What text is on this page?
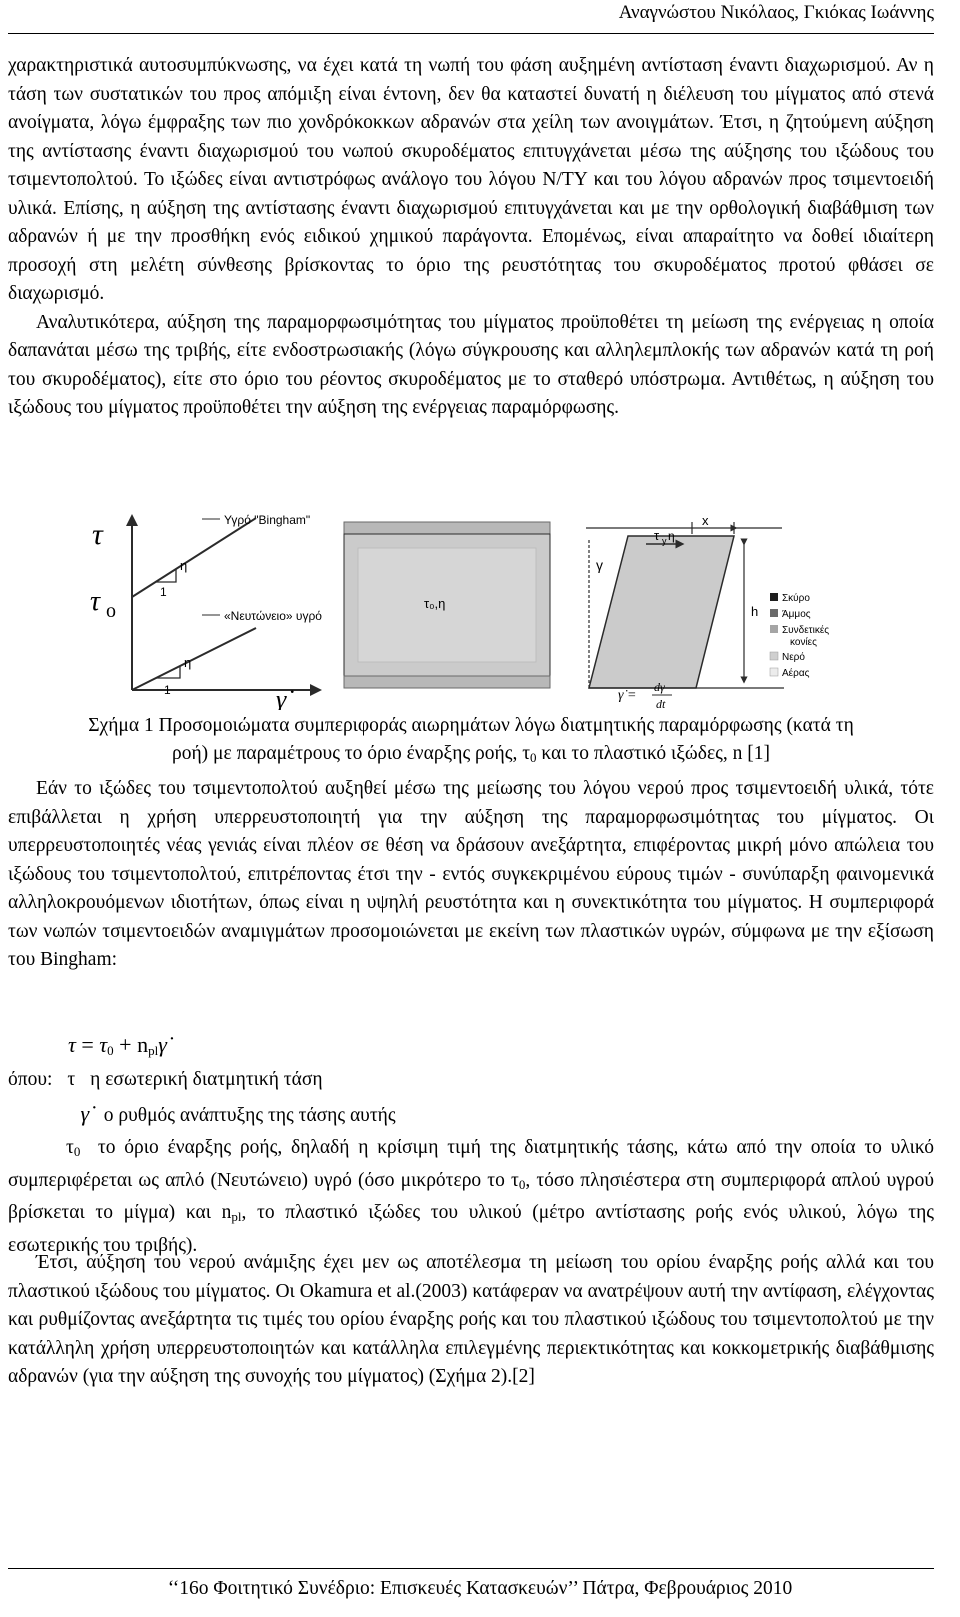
Αναγνώστου Νικόλαος, Γκιόκας Ιωάννης

χαρακτηριστικά αυτοσυμπύκνωσης, να έχει κατά τη νωπή του φάση αυξημένη αντίσταση έναντι διαχωρισμού. Αν η τάση των συστατικών του προς απόμιξη είναι έντονη, δεν θα καταστεί δυνατή η διέλευση του μίγματος από στενά ανοίγματα, λόγω έμφραξης των πιο χονδρόκοκκων αδρανών στα χείλη των ανοιγμάτων. Έτσι, η ζητούμενη αύξηση της αντίστασης έναντι διαχωρισμού του νωπού σκυροδέματος επιτυγχάνεται μέσω της αύξησης του ιξώδους του τσιμεντοπολτού. Το ιξώδες είναι αντιστρόφως ανάλογο του λόγου Ν/ΤΥ και του λόγου αδρανών προς τσιμεντοειδή υλικά. Επίσης, η αύξηση της αντίστασης έναντι διαχωρισμού επιτυγχάνεται και με την ορθολογική διαβάθμιση των αδρανών ή με την προσθήκη ενός ειδικού χημικού παράγοντα. Επομένως, είναι απαραίτητο να δοθεί ιδιαίτερη προσοχή στη μελέτη σύνθεσης βρίσκοντας το όριο της ρευστότητας του σκυροδέματος προτού φθάσει σε διαχωρισμό.

Αναλυτικότερα, αύξηση της παραμορφωσιμότητας του μίγματος προϋποθέτει τη μείωση της ενέργειας η οποία δαπανάται μέσω της τριβής, είτε ενδοστρωσιακής (λόγω σύγκρουσης και αλληλεμπλοκής των αδρανών κατά τη ροή του σκυροδέματος), είτε στο όριο του ρέοντος σκυροδέματος με το σταθερό υπόστρωμα. Αντιθέτως, η αύξηση του ιξώδους του μίγματος προϋποθέτει την αύξηση της ενέργειας παραμόρφωσης.

τ
τ o
γ̇
Υγρό "Bingham"
«Νευτώνειο» υγρό
η
1
η
1
τ₀,η
x
γ
τ y η
h
γ̇ =
dγ
dt
Σκύρο
Άμμος
Συνδετικές
κονίες
Νερό
Αέρας
Σχήμα 1 Προσομοιώματα συμπεριφοράς αιωρημάτων λόγω διατμητικής παραμόρφωσης (κατά τη
ροή) με παραμέτρους το όριο έναρξης ροής, $\tau_0$ και το πλαστικό ιξώδες, n [1]

Εάν το ιξώδες του τσιμεντοπολτού αυξηθεί μέσω της μείωσης του λόγου νερού προς τσιμεντοειδή υλικά, τότε επιβάλλεται η χρήση υπερρευστοποιητή για την αύξηση της παραμορφωσιμότητας του μίγματος. Οι υπερρευστοποιητές νέας γενιάς είναι πλέον σε θέση να δράσουν ανεξάρτητα, επιφέροντας μικρή μόνο απώλεια του ιξώδους του τσιμεντοπολτού, επιτρέποντας έτσι την - εντός συγκεκριμένου εύρους τιμών - συνύπαρξη φαινομενικά αλληλοκρουόμενων ιδιοτήτων, όπως είναι η υψηλή ρευστότητα και η συνεκτικότητα του μίγματος. Η συμπεριφορά των νωπών τσιμεντοειδών αναμιγμάτων προσομοιώνεται με εκείνη των πλαστικών υγρών, σύμφωνα με την εξίσωση του Bingham:

$\tau = \tau_0$ + $n_{pl}\gammȧ$
όπου: τ η εσωτερική διατμητική τάση
γ̇ ο ρυθμός ανάπτυξης της τάσης αυτής

$\tau_0$ το όριο έναρξης ροής, δηλαδή η κρίσιμη τιμή της διατμητικής τάσης, κάτω από την οποία το υλικό συμπεριφέρεται ως απλό (Νευτώνειο) υγρό (όσο μικρότερο το $\tau_0$, τόσο πλησιέστερα στη συμπεριφορά απλού υγρού βρίσκεται το μίγμα) και $n_{pl}$, το πλαστικό ιξώδες του υλικού (μέτρο αντίστασης ροής ενός υλικού, λόγω της εσωτερικής του τριβής).

Έτσι, αύξηση του νερού ανάμιξης έχει μεν ως αποτέλεσμα τη μείωση του ορίου έναρξης ροής αλλά και του πλαστικού ιξώδους του μίγματος. Οι Okamura et al.(2003) κατάφεραν να ανατρέψουν αυτή την αντίφαση, ελέγχοντας και ρυθμίζοντας ανεξάρτητα τις τιμές του ορίου έναρξης ροής και του πλαστικού ιξώδους του τσιμεντοπολτού με την κατάλληλη χρήση υπερρευστοποιητών και κατάλληλα επιλεγμένης περιεκτικότητας και κοκκομετρικής διαβάθμισης αδρανών (για την αύξηση της συνοχής του μίγματος) (Σχήμα 2).[2]

‘‘16ο Φοιτητικό Συνέδριο: Επισκευές Κατασκευών’’ Πάτρα, Φεβρουάριος 2010
